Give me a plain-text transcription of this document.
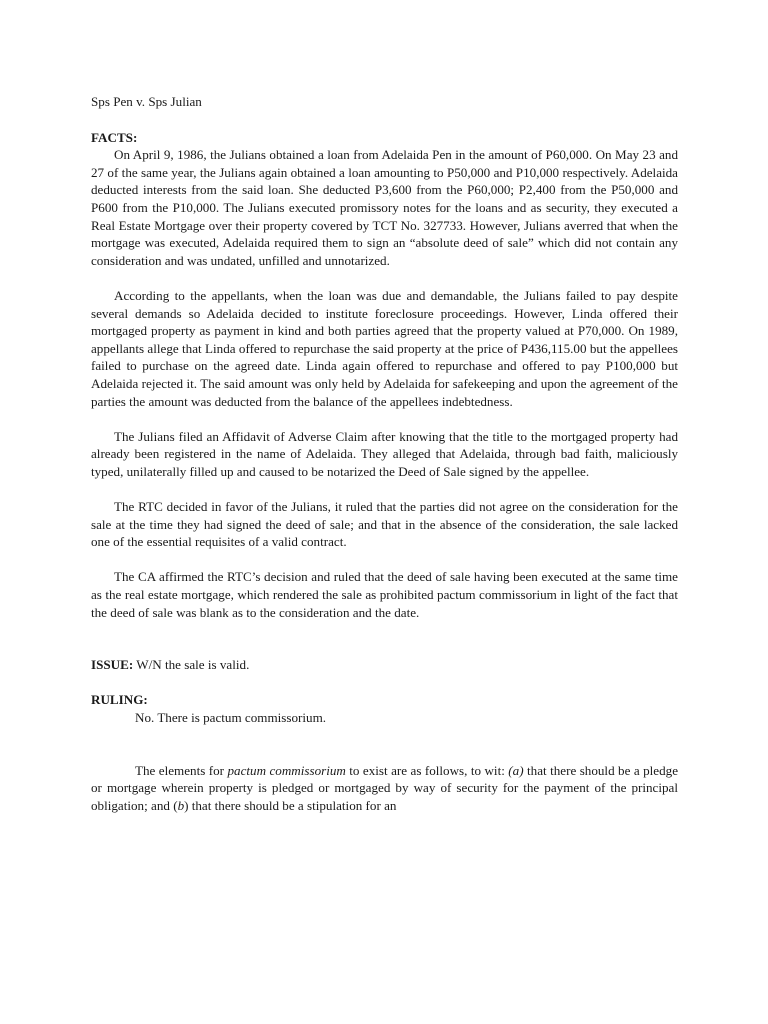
Sps Pen v. Sps Julian

FACTS:

On April 9, 1986, the Julians obtained a loan from Adelaida Pen in the amount of P60,000. On May 23 and 27 of the same year, the Julians again obtained a loan amounting to P50,000 and P10,000 respectively. Adelaida deducted interests from the said loan. She deducted P3,600 from the P60,000; P2,400 from the P50,000 and P600 from the P10,000. The Julians executed promissory notes for the loans and as security, they executed a Real Estate Mortgage over their property covered by TCT No. 327733. However, Julians averred that when the mortgage was executed, Adelaida required them to sign an “absolute deed of sale” which did not contain any consideration and was undated, unfilled and unnotarized.

According to the appellants, when the loan was due and demandable, the Julians failed to pay despite several demands so Adelaida decided to institute foreclosure proceedings. However, Linda offered their mortgaged property as payment in kind and both parties agreed that the property valued at P70,000. On 1989, appellants allege that Linda offered to repurchase the said property at the price of P436,115.00 but the appellees failed to purchase on the agreed date. Linda again offered to repurchase and offered to pay P100,000 but Adelaida rejected it. The said amount was only held by Adelaida for safekeeping and upon the agreement of the parties the amount was deducted from the balance of the appellees indebtedness.

The Julians filed an Affidavit of Adverse Claim after knowing that the title to the mortgaged property had already been registered in the name of Adelaida. They alleged that Adelaida, through bad faith, maliciously typed, unilaterally filled up and caused to be notarized the Deed of Sale signed by the appellee.

The RTC decided in favor of the Julians, it ruled that the parties did not agree on the consideration for the sale at the time they had signed the deed of sale; and that in the absence of the consideration, the sale lacked one of the essential requisites of a valid contract.

The CA affirmed the RTC’s decision and ruled that the deed of sale having been executed at the same time as the real estate mortgage, which rendered the sale as prohibited pactum commissorium in light of the fact that the deed of sale was blank as to the consideration and the date.

ISSUE: W/N the sale is valid.

RULING:

No. There is pactum commissorium.

The elements for pactum commissorium to exist are as follows, to wit: (a) that there should be a pledge or mortgage wherein property is pledged or mortgaged by way of security for the payment of the principal obligation; and (b) that there should be a stipulation for an
